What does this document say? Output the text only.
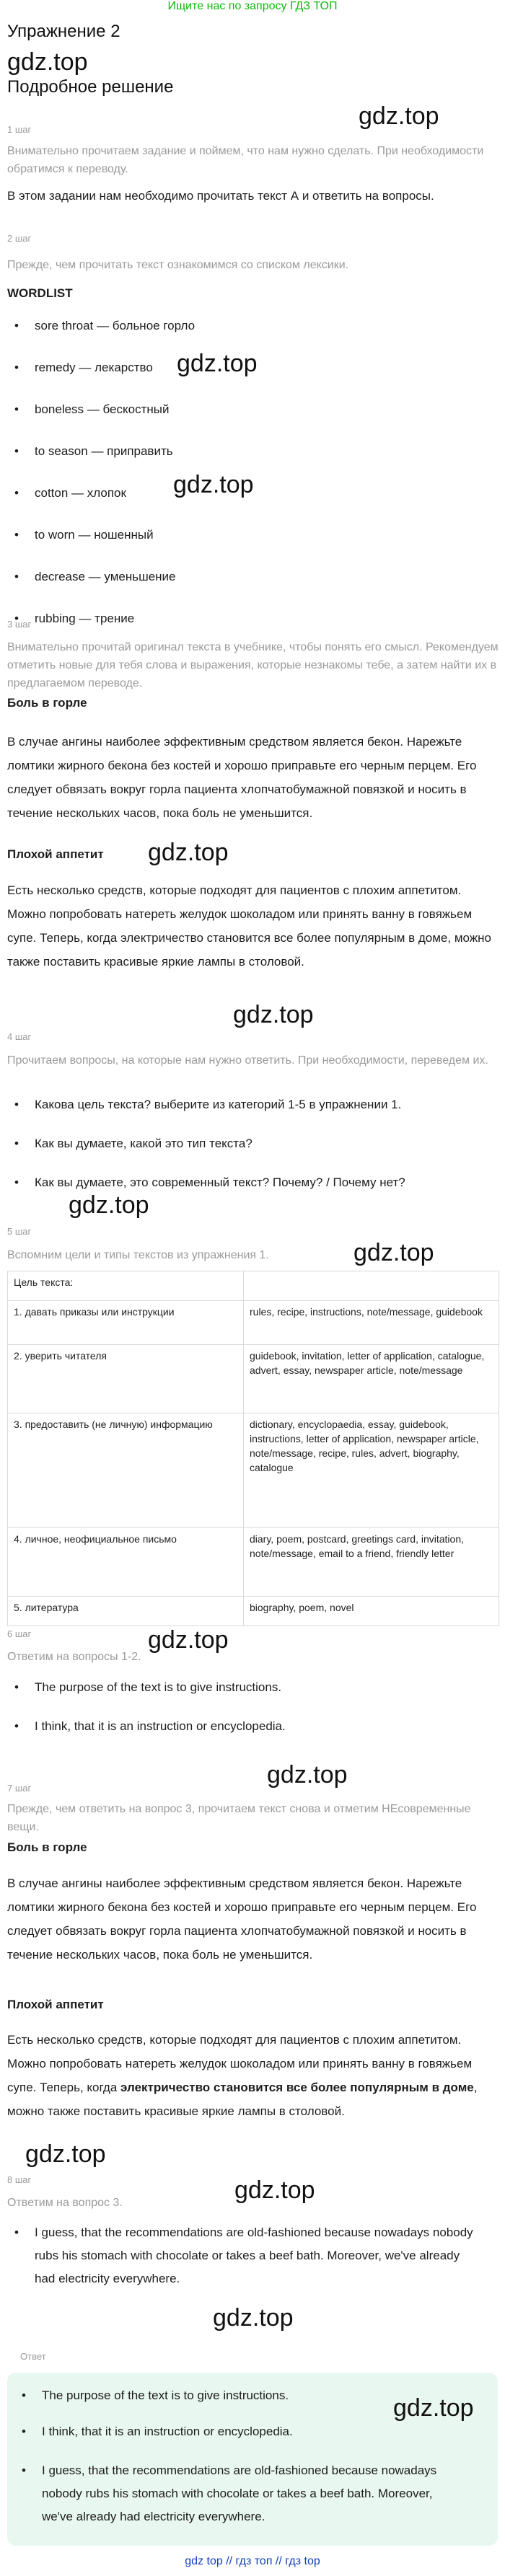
Ищите нас по запросу ГДЗ ТОП
Упражнение 2
gdz.top
Подробное решение
gdz.top
1 шаг
Внимательно прочитаем задание и поймем, что нам нужно сделать. При необходимости обратимся к переводу.
В этом задании нам необходимо прочитать текст А и ответить на вопросы.
2 шаг
Прежде, чем прочитать текст ознакомимся со списком лексики.
WORDLIST
• sore throat — больное горло
• remedy — лекарство
• boneless — бескостный
• to season — приправить
• cotton — хлопок
• to worn — ношенный
• decrease — уменьшение
• rubbing — трение
gdz.top
gdz.top
3 шаг
Внимательно прочитай оригинал текста в учебнике, чтобы понять его смысл. Рекомендуем отметить новые для тебя слова и выражения, которые незнакомы тебе, а затем найти их в предлагаемом переводе.
Боль в горле
В случае ангины наиболее эффективным средством является бекон. Нарежьте ломтики жирного бекона без костей и хорошо приправьте его черным перцем. Его следует обвязать вокруг горла пациента хлопчатобумажной повязкой и носить в течение нескольких часов, пока боль не уменьшится.
Плохой аппетит gdz.top
Есть несколько средств, которые подходят для пациентов с плохим аппетитом. Можно попробовать натереть желудок шоколадом или принять ванну в говяжьем супе. Теперь, когда электричество становится все более популярным в доме, можно также поставить красивые яркие лампы в столовой.
gdz.top
4 шаг
Прочитаем вопросы, на которые нам нужно ответить. При необходимости, переведем их.
• Какова цель текста? выберите из категорий 1-5 в упражнении 1.
• Как вы думаете, какой это тип текста?
• Как вы думаете, это современный текст? Почему? / Почему нет?
gdz.top
5 шаг
gdz.top
Вспомним цели и типы текстов из упражнения 1.
Цель текста:	
1. давать приказы или инструкции	rules, recipe, instructions, note/message, guidebook
2. уверить читателя	guidebook, invitation, letter of application, catalogue, advert, essay, newspaper article, note/message
3. предоставить (не личную) информацию	dictionary, encyclopaedia, essay, guidebook, instructions, letter of application, newspaper article, note/message, recipe, rules, advert, biography, catalogue
4. личное, неофициальное письмо	diary, poem, postcard, greetings card, invitation, note/message, email to a friend, friendly letter
5. литература	biography, poem, novel
6 шаг	gdz.top
Ответим на вопросы 1-2.
• The purpose of the text is to give instructions.
• I think, that it is an instruction or encyclopedia.
gdz.top
7 шаг
Прежде, чем ответить на вопрос 3, прочитаем текст снова и отметим НЕсовременные вещи.
Боль в горле
В случае ангины наиболее эффективным средством является бекон. Нарежьте ломтики жирного бекона без костей и хорошо приправьте его черным перцем. Его следует обвязать вокруг горла пациента хлопчатобумажной повязкой и носить в течение нескольких часов, пока боль не уменьшится.
Плохой аппетит
Есть несколько средств, которые подходят для пациентов с плохим аппетитом. Можно попробовать натереть желудок шоколадом или принять ванну в говяжьем супе. Теперь, когда электричество становится все более популярным в доме, можно также поставить красивые яркие лампы в столовой.
gdz.top
gdz.top
8 шаг
Ответим на вопрос 3.
• I guess, that the recommendations are old-fashioned because nowadays nobody rubs his stomach with chocolate or takes a beef bath. Moreover, we've already had electricity everywhere.
gdz.top
Ответ
• The purpose of the text is to give instructions.
• I think, that it is an instruction or encyclopedia.
• I guess, that the recommendations are old-fashioned because nowadays nobody rubs his stomach with chocolate or takes a beef bath. Moreover, we've already had electricity everywhere.
gdz.top
gdz top // гдз топ // гдз top
